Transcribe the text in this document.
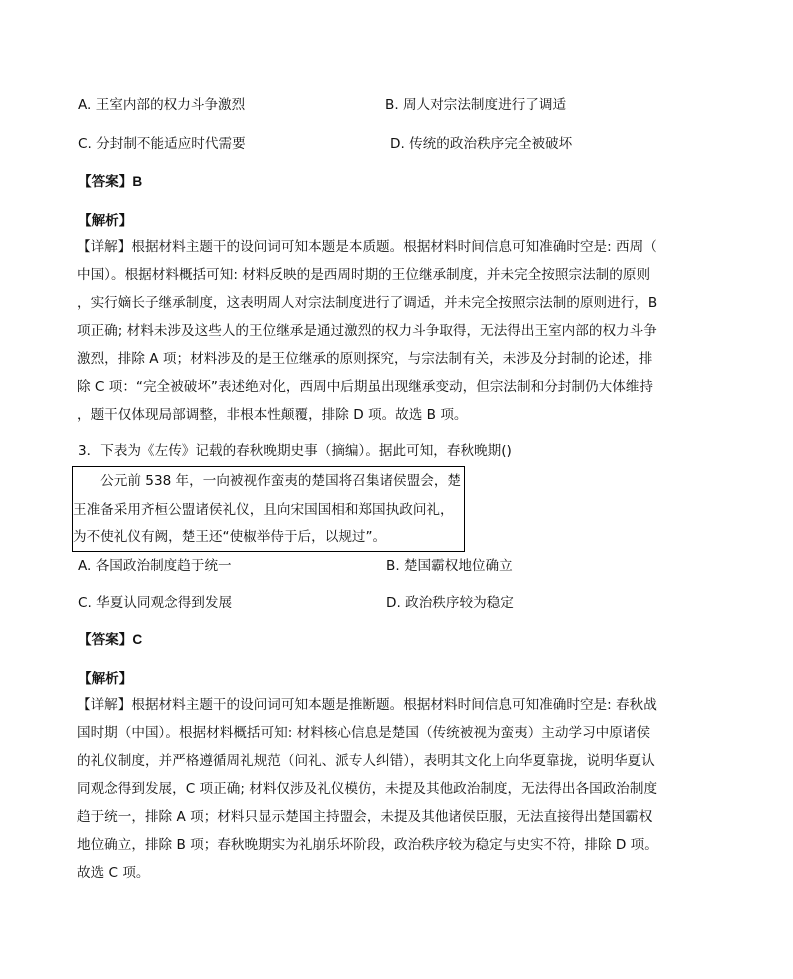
A. 王室内部的权力斗争激烈	B. 周人对宗法制度进行了调适
C. 分封制不能适应时代需要	D. 传统的政治秩序完全被破坏
【答案】B
【解析】
【详解】根据材料主题干的设问词可知本题是本质题。根据材料时间信息可知准确时空是: 西周（
中国）。根据材料概括可知: 材料反映的是西周时期的王位继承制度，并未完全按照宗法制的原则
，实行嫡长子继承制度，这表明周人对宗法制度进行了调适，并未完全按照宗法制的原则进行，B
项正确; 材料未涉及这些人的王位继承是通过激烈的权力斗争取得，无法得出王室内部的权力斗争
激烈，排除 A 项；材料涉及的是王位继承的原则探究，与宗法制有关，未涉及分封制的论述，排
除 C 项：“完全被破坏”表述绝对化，西周中后期虽出现继承变动，但宗法制和分封制仍大体维持
，题干仅体现局部调整，非根本性颠覆，排除 D 项。故选 B 项。
3．下表为《左传》记载的春秋晚期史事（摘编）。据此可知，春秋晚期()
　　公元前 538 年，一向被视作蛮夷的楚国将召集诸侯盟会，楚
王准备采用齐桓公盟诸侯礼仪，且向宋国国相和郑国执政问礼，
为不使礼仪有阙，楚王还“使椒举侍于后，以规过”。
A. 各国政治制度趋于统一	B. 楚国霸权地位确立
C. 华夏认同观念得到发展	D. 政治秩序较为稳定
【答案】C
【解析】
【详解】根据材料主题干的设问词可知本题是推断题。根据材料时间信息可知准确时空是: 春秋战
国时期（中国）。根据材料概括可知: 材料核心信息是楚国（传统被视为蛮夷）主动学习中原诸侯
的礼仪制度，并严格遵循周礼规范（问礼、派专人纠错），表明其文化上向华夏靠拢，说明华夏认
同观念得到发展，C 项正确; 材料仅涉及礼仪模仿，未提及其他政治制度，无法得出各国政治制度
趋于统一，排除 A 项；材料只显示楚国主持盟会，未提及其他诸侯臣服，无法直接得出楚国霸权
地位确立，排除 B 项；春秋晚期实为礼崩乐坏阶段，政治秩序较为稳定与史实不符，排除 D 项。
故选 C 项。
